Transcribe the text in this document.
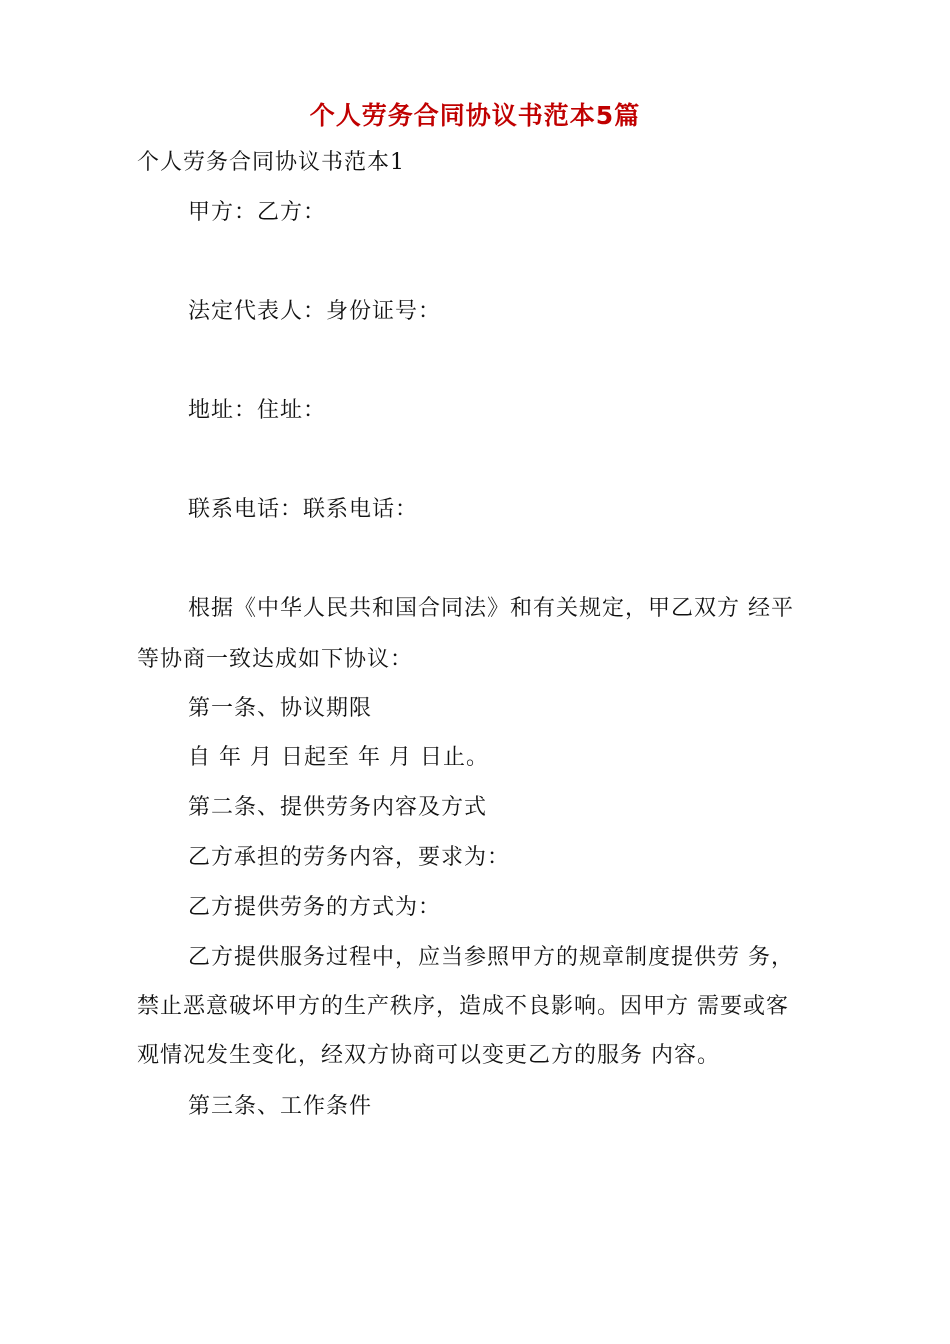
个人劳务合同协议书范本5篇
个人劳务合同协议书范本1
甲方：乙方：
法定代表人：身份证号：
地址：住址：
联系电话：联系电话：
根据《中华人民共和国合同法》和有关规定，甲乙双方 经平
等协商一致达成如下协议：
第一条、协议期限
自 年 月 日起至 年 月 日止。
第二条、提供劳务内容及方式
乙方承担的劳务内容，要求为：
乙方提供劳务的方式为：
乙方提供服务过程中，应当参照甲方的规章制度提供劳 务，
禁止恶意破坏甲方的生产秩序，造成不良影响。因甲方 需要或客
观情况发生变化，经双方协商可以变更乙方的服务 内容。
第三条、工作条件
